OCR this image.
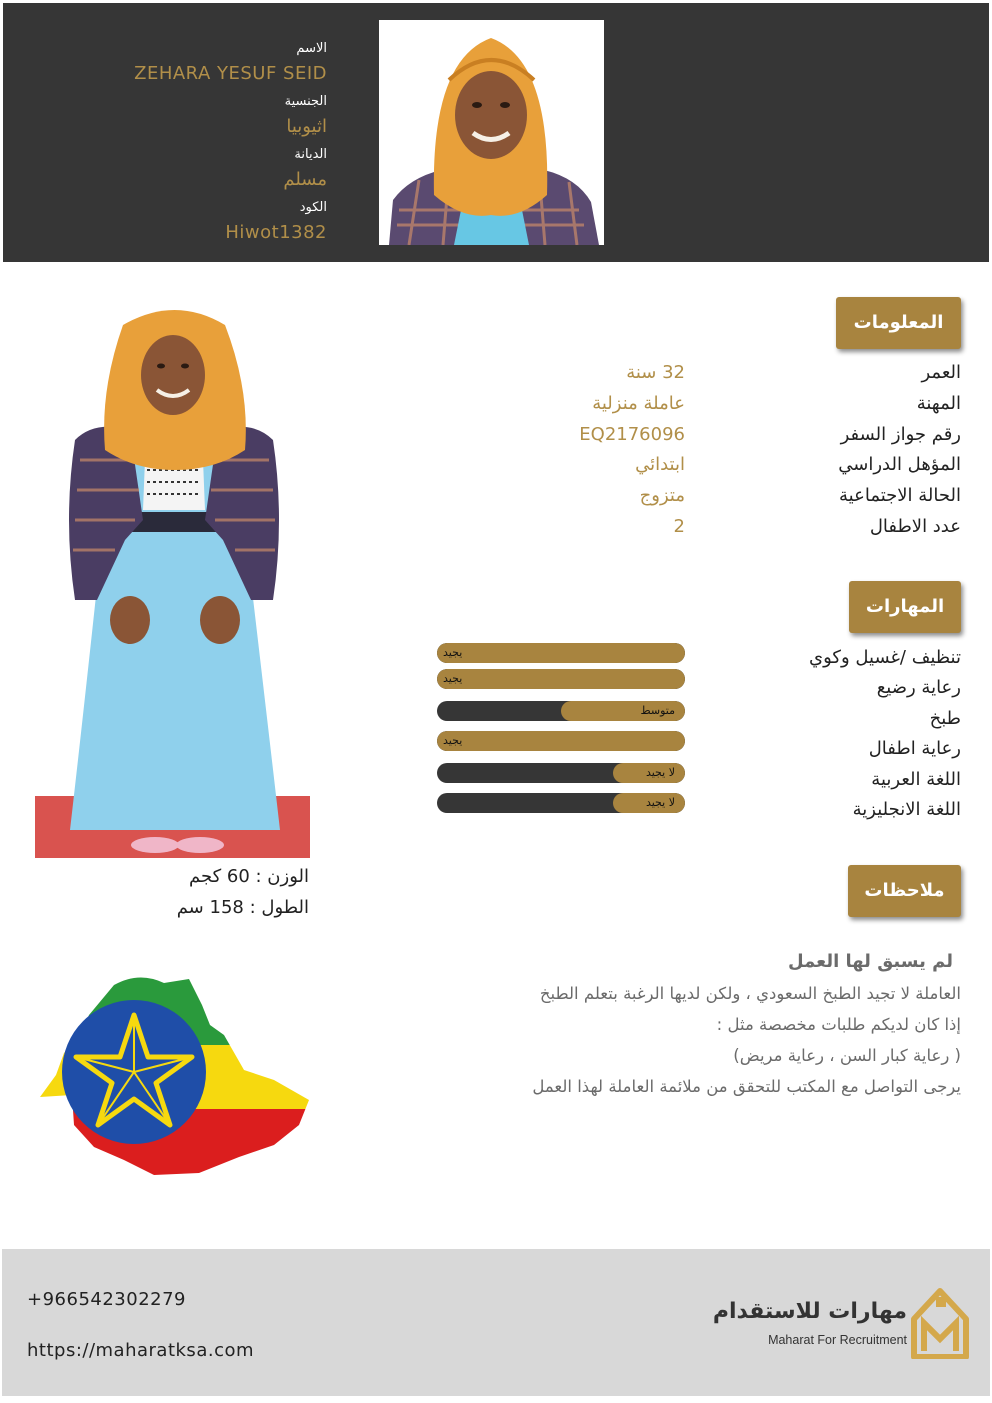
الاسم
ZEHARA YESUF SEID
الجنسية
اثيوبيا
الديانة
مسلم
الكود
Hiwot1382
المعلومات
العمر
32 سنة
المهنة
عاملة منزلية
رقم جواز السفر
EQ2176096
المؤهل الدراسي
ابتدائي
الحالة الاجتماعية
متزوج
عدد الاطفال
2
المهارات
تنظيف /غسيل وكوي
رعاية رضيع
طبخ
رعاية اطفال
اللغة العربية
اللغة الانجليزية
يجيد
يجيد
متوسط
يجيد
لا يجيد
لا يجيد
ملاحظات
لم يسبق لها العمل
العاملة لا تجيد الطبخ السعودي ، ولكن لديها الرغبة بتعلم الطبخ
إذا كان لديكم طلبات مخصصة مثل :
( رعاية كبار السن ، رعاية مريض)
يرجى التواصل مع المكتب للتحقق من ملائمة العاملة لهذا العمل
الوزن : 60 كجم
الطول : 158 سم
+966542302279
https://maharatksa.com
مهارات للاستقدام
Maharat For Recruitment
